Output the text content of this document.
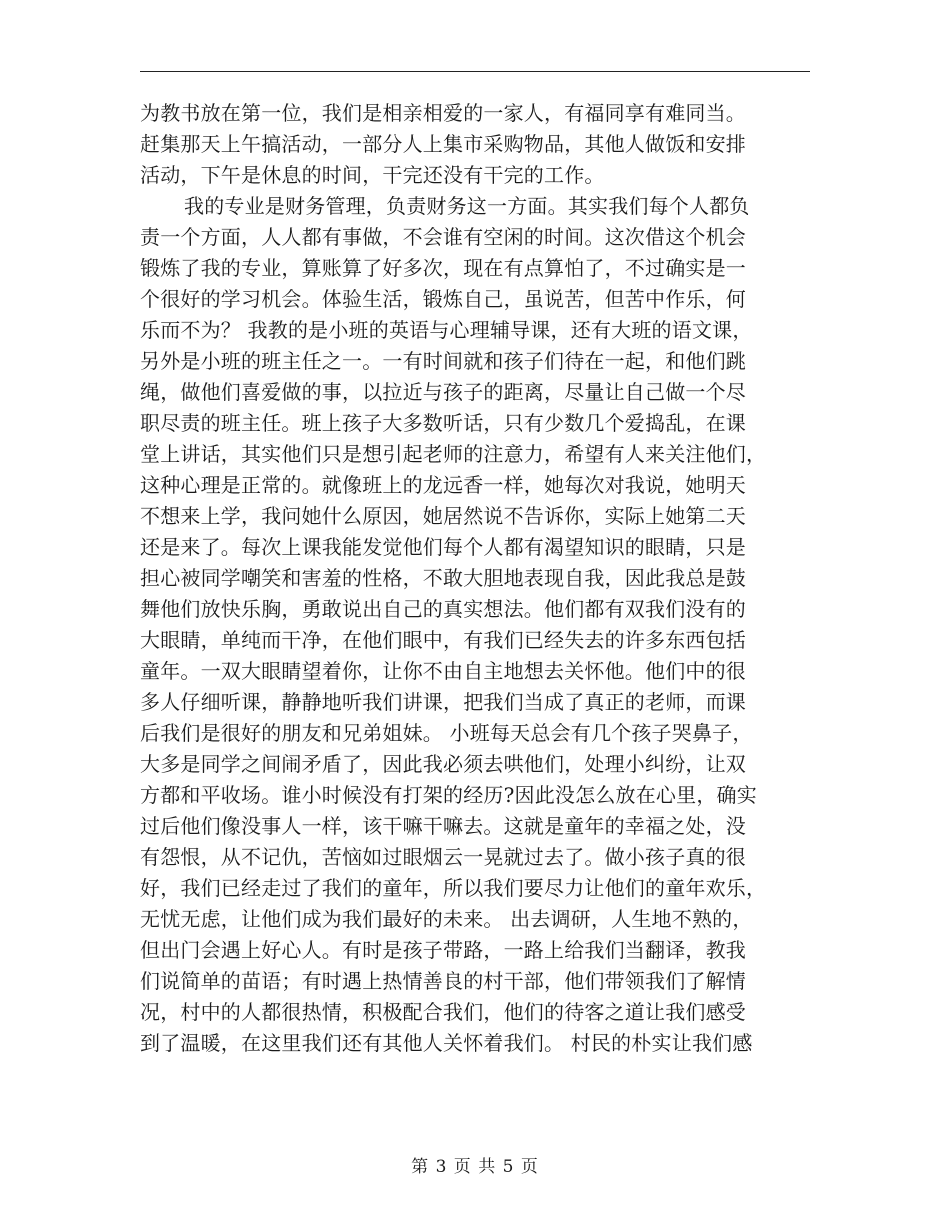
为教书放在第一位，我们是相亲相爱的一家人，有福同享有难同当。
赶集那天上午搞活动，一部分人上集市采购物品，其他人做饭和安排
活动，下午是休息的时间，干完还没有干完的工作。
我的专业是财务管理，负责财务这一方面。其实我们每个人都负
责一个方面，人人都有事做，不会谁有空闲的时间。这次借这个机会
锻炼了我的专业，算账算了好多次，现在有点算怕了，不过确实是一
个很好的学习机会。体验生活，锻炼自己，虽说苦，但苦中作乐，何
乐而不为？ 我教的是小班的英语与心理辅导课，还有大班的语文课，
另外是小班的班主任之一。一有时间就和孩子们待在一起，和他们跳
绳，做他们喜爱做的事，以拉近与孩子的距离，尽量让自己做一个尽
职尽责的班主任。班上孩子大多数听话，只有少数几个爱捣乱，在课
堂上讲话，其实他们只是想引起老师的注意力，希望有人来关注他们，
这种心理是正常的。就像班上的龙远香一样，她每次对我说，她明天
不想来上学，我问她什么原因，她居然说不告诉你，实际上她第二天
还是来了。每次上课我能发觉他们每个人都有渴望知识的眼睛，只是
担心被同学嘲笑和害羞的性格，不敢大胆地表现自我，因此我总是鼓
舞他们放快乐胸，勇敢说出自己的真实想法。他们都有双我们没有的
大眼睛，单纯而干净，在他们眼中，有我们已经失去的许多东西包括
童年。一双大眼睛望着你，让你不由自主地想去关怀他。他们中的很
多人仔细听课，静静地听我们讲课，把我们当成了真正的老师，而课
后我们是很好的朋友和兄弟姐妹。 小班每天总会有几个孩子哭鼻子，
大多是同学之间闹矛盾了，因此我必须去哄他们，处理小纠纷，让双
方都和平收场。谁小时候没有打架的经历?因此没怎么放在心里，确实
过后他们像没事人一样，该干嘛干嘛去。这就是童年的幸福之处，没
有怨恨，从不记仇，苦恼如过眼烟云一晃就过去了。做小孩子真的很
好，我们已经走过了我们的童年，所以我们要尽力让他们的童年欢乐，
无忧无虑，让他们成为我们最好的未来。 出去调研，人生地不熟的，
但出门会遇上好心人。有时是孩子带路，一路上给我们当翻译，教我
们说简单的苗语；有时遇上热情善良的村干部，他们带领我们了解情
况，村中的人都很热情，积极配合我们，他们的待客之道让我们感受
到了温暖，在这里我们还有其他人关怀着我们。 村民的朴实让我们感
第 3 页 共 5 页
